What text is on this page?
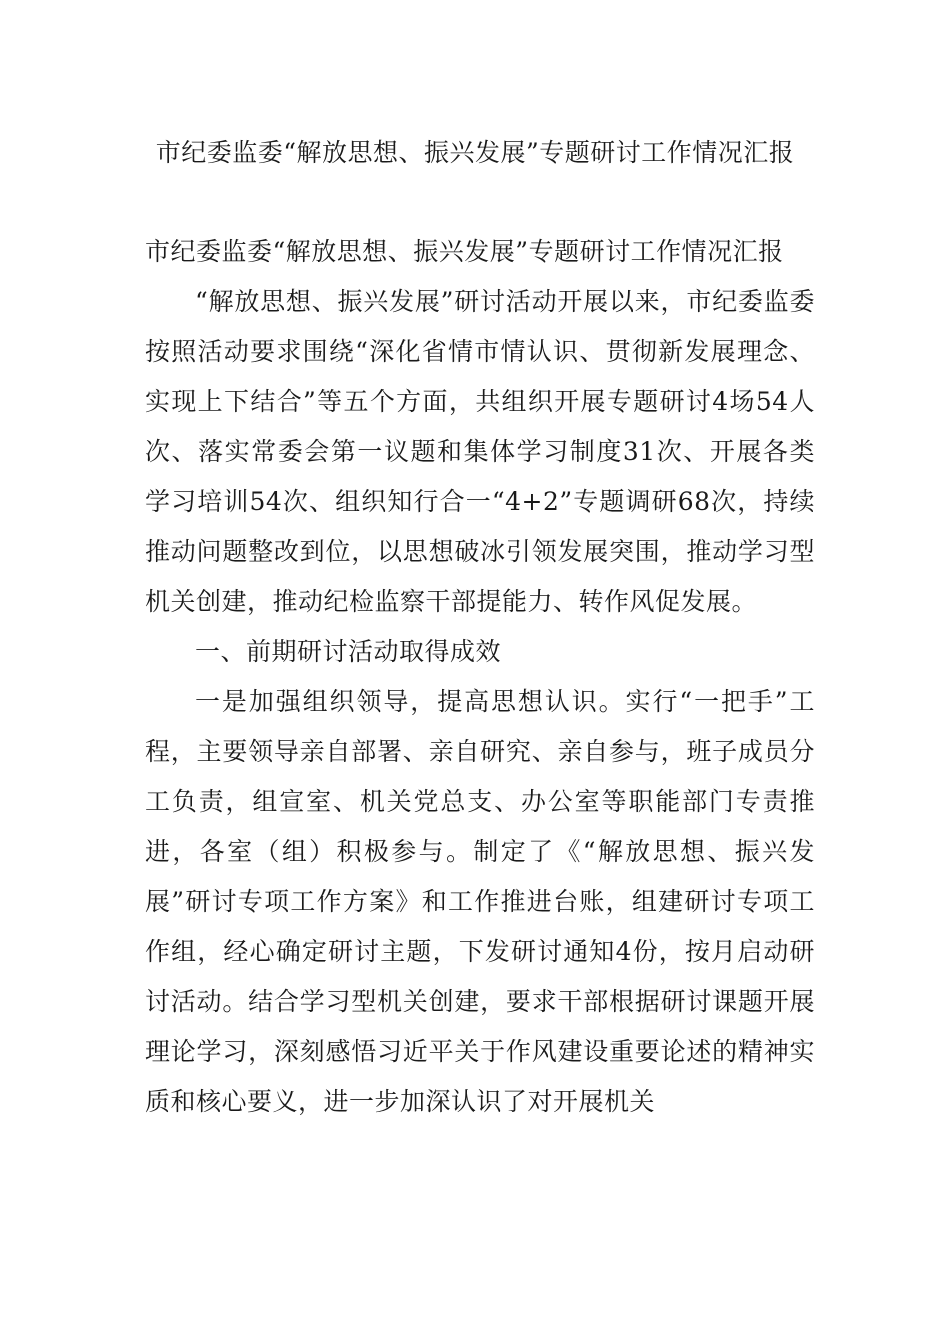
市纪委监委“解放思想、振兴发展”专题研讨工作情况汇报

市纪委监委“解放思想、振兴发展”专题研讨工作情况汇报

“解放思想、振兴发展”研讨活动开展以来，市纪委监委按照活动要求围绕“深化省情市情认识、贯彻新发展理念、实现上下结合”等五个方面，共组织开展专题研讨4场54人次、落实常委会第一议题和集体学习制度31次、开展各类学习培训54次、组织知行合一“4+2”专题调研68次，持续推动问题整改到位，以思想破冰引领发展突围，推动学习型机关创建，推动纪检监察干部提能力、转作风促发展。

一、前期研讨活动取得成效

一是加强组织领导，提高思想认识。实行“一把手”工程，主要领导亲自部署、亲自研究、亲自参与，班子成员分工负责，组宣室、机关党总支、办公室等职能部门专责推进，各室（组）积极参与。制定了《“解放思想、振兴发展”研讨专项工作方案》和工作推进台账，组建研讨专项工作组，经心确定研讨主题，下发研讨通知4份，按月启动研讨活动。结合学习型机关创建，要求干部根据研讨课题开展理论学习，深刻感悟习近平关于作风建设重要论述的精神实质和核心要义，进一步加深认识了对开展机关
